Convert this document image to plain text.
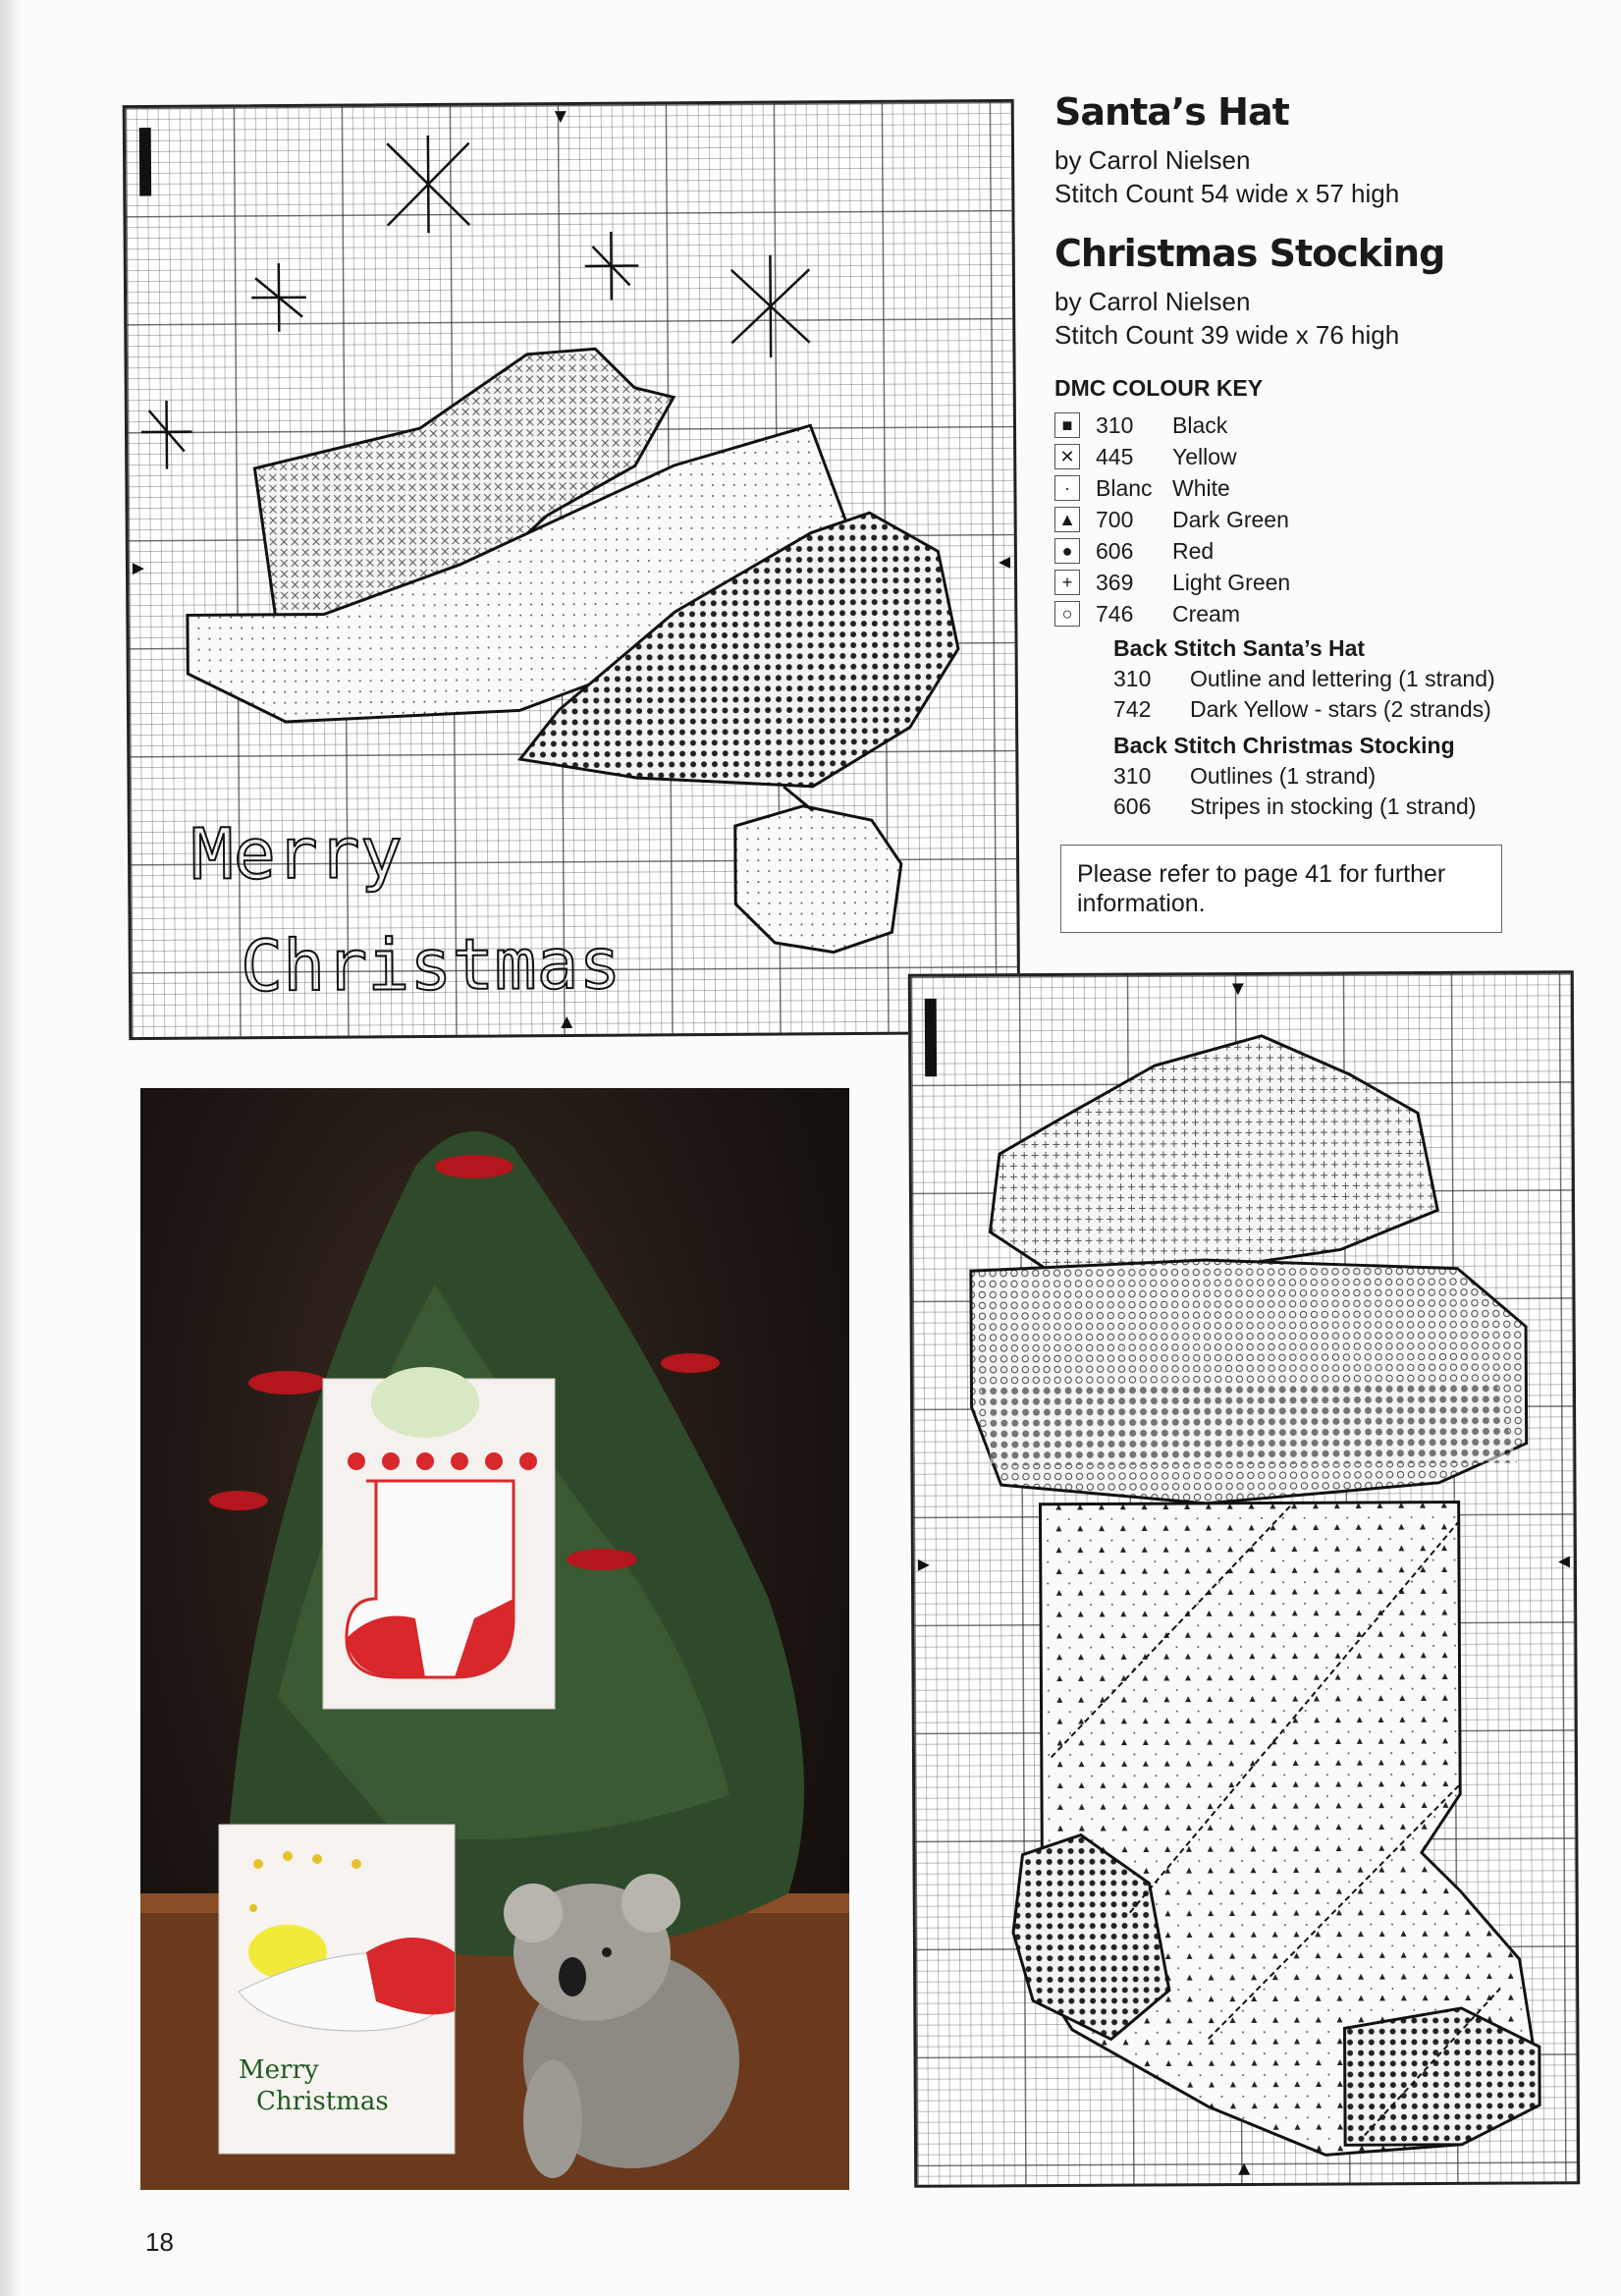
Merry
Christmas
Santa’s Hat

by Carrol Nielsen

Stitch Count 54 wide x 57 high

Christmas Stocking

by Carrol Nielsen

Stitch Count 39 wide x 76 high

DMC COLOUR KEY
■	310	Black
✕ 445	Yellow
·	Blanc White
▲ 700	Dark Green
●	606	Red
+	369	Light Green
○	746	Cream
Back Stitch Santa’s Hat
310	Outline and lettering (1 strand)
742	Dark Yellow - stars (2 strands)
Back Stitch Christmas Stocking
310	Outlines (1 strand)
606	Stripes in stocking (1 strand)
Please refer to page 41 for further information.
Merry
Christmas
18
